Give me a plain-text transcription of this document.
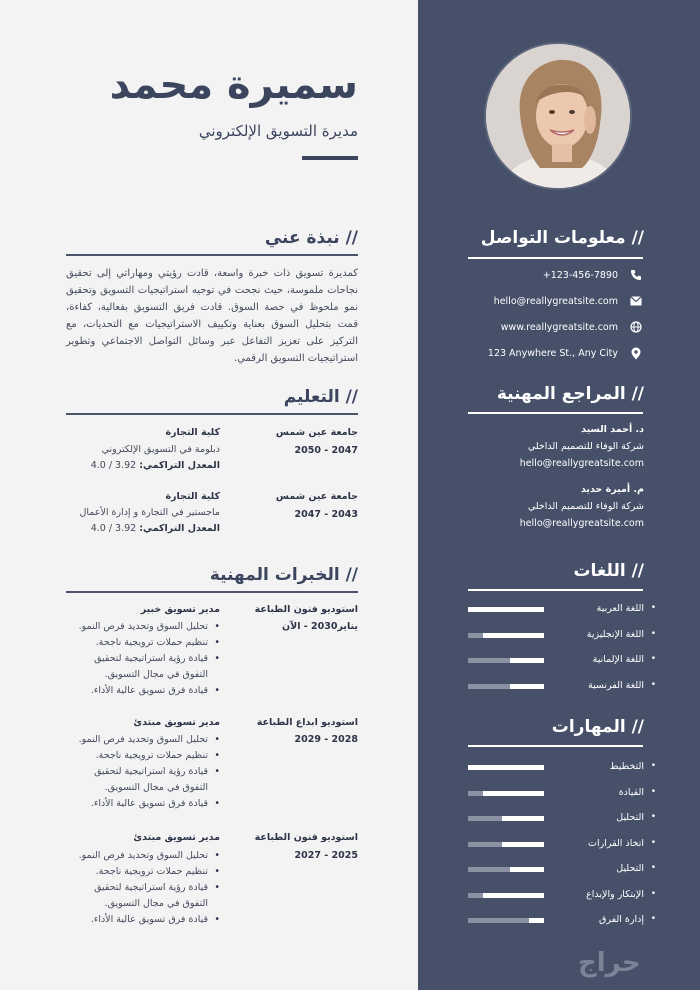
سميرة محمد
مديرة التسويق الإلكتروني
// نبذة عني
كمديرة تسويق ذات خبرة واسعة، قادت رؤيتي ومهاراتي إلى تحقيق نجاحات ملموسة، حيث نجحت في توجيه استراتيجيات التسويق وتحقيق نمو ملحوظ في حصة السوق. قادت فريق التسويق بفعالية، كفاءة، قمت بتحليل السوق بعناية وتكييف الاستراتيجيات مع التحديات، مع التركيز على تعزيز التفاعل عبر وسائل التواصل الاجتماعي وتطوير استراتيجيات التسويق الرقمي.
// التعليم
جامعة عين شمس
2047 - 2050
كلية التجارة
دبلومة في التسويق الإلكتروني
المعدل التراكمي: 3.92 / 4.0
جامعة عين شمس
2043 - 2047
كلية التجارة
ماجستير في التجارة و إدارة الأعمال
المعدل التراكمي: 3.92 / 4.0
// الخبرات المهنية
استوديو فنون الطباعة
يناير2030 - الآن
مدير تسويق خبير
• تحليل السوق وتحديد فرص النمو.
• تنظيم حملات ترويجية ناجحة.
• قيادة رؤية استراتيجية لتحقيق
التفوق في مجال التسويق.
• قيادة فرق تسويق عالية الأداء.
استوديو ابداع الطباعة
2028 - 2029
مدير تسويق مبتدئ
• تحليل السوق وتحديد فرص النمو.
• تنظيم حملات ترويجية ناجحة.
• قيادة رؤية استراتيجية لتحقيق
التفوق في مجال التسويق.
• قيادة فرق تسويق عالية الأداء.
استوديو فنون الطباعة
2025 - 2027
مدير تسويق مبتدئ
• تحليل السوق وتحديد فرص النمو.
• تنظيم حملات ترويجية ناجحة.
• قيادة رؤية استراتيجية لتحقيق
التفوق في مجال التسويق.
• قيادة فرق تسويق عالية الأداء.
// معلومات التواصل
+123-456-7890
hello@reallygreatsite.com
www.reallygreatsite.com
123 Anywhere St., Any City
// المراجع المهنية
د. أحمد السيد
شركة الوفاء للتصميم الداخلي
hello@reallygreatsite.com
م. أميرة حديد
شركة الوفاء للتصميم الداخلي
hello@reallygreatsite.com
// اللغات
•
اللغة العربية
•
اللغة الإنجليزية
•
اللغة الإلمانية
•
اللغة الفرنسية
// المهارات
•
التخطيط
•
القيادة
•
التحليل
•
اتخاذ القرارات
•
التحليل
•
الإبتكار والإبداع
•
إدارة الفرق
حراج
